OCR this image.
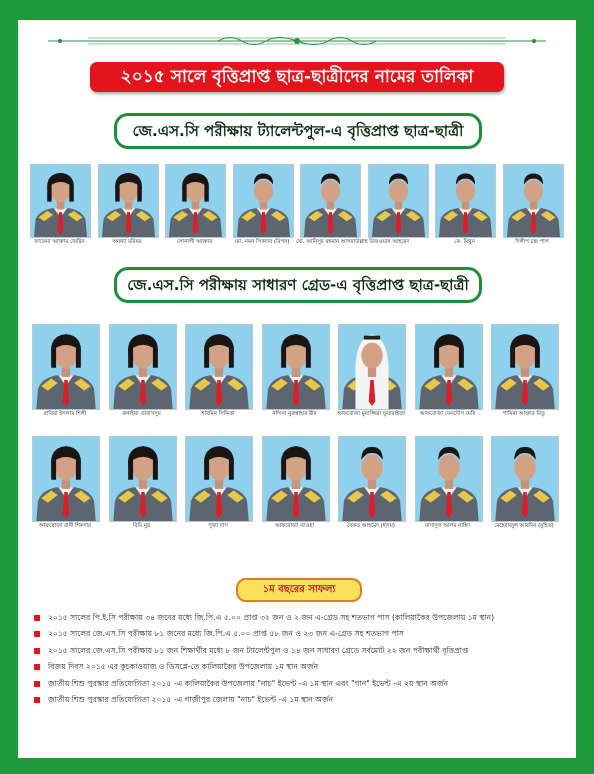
২০১৫ সালে বৃত্তিপ্রাপ্ত ছাত্র-ছাত্রীদের নামের তালিকা
জে.এস.সি পরীক্ষায় ট্যালেন্টপুল-এ বৃত্তিপ্রাপ্ত ছাত্র-ছাত্রী
ফাতেমা আক্তার জেরিন	অনন্যা মরিয়ম	সোনালী আক্তার	মো. নয়ন সিকদার (রিপন)	মো. আনিসুর রহমান আসমাউল্লাহ রিজওয়ান আহমেদ	কে. মিথুন	দিলীপ চন্দ্র পাল
জে.এস.সি পরীক্ষায় সাধারণ গ্রেড-এ বৃত্তিপ্রাপ্ত ছাত্র-ছাত্রী
রাবিয়া ইসলাম শিলী	রুনাইয়া তাবাসসুম	শারমিন সিদ্দিকা	নন্দিনা নুরুন্নাহার রীম	আফরোজা মুনাজ্জিরা ফুয়ারাইজা	আফরোজা ফেরদৌস মেরি	শামিমা আক্তার রিতু
আফরোজা রানী শিকদার	রিমি নুর	পুজা দাস	আফরোজা তাওহা	বৈকত আহমেদ (হৃদয়)	রাসাদুল আলম নাহিদ	মেহেরাজুল আবদিন (মুহিত)
১ম বছরের সাফল্য
২০১৫ সালের পি.ই.সি পরীক্ষায় ৩৪ জনের মধ্যে জি.পি.এ ৫.০০ প্রাপ্ত ৩২ জন ও ২ জন এ-গ্রেড সহ শতভাগ পাস (কালিয়াকৈর উপজেলায় ১ম স্থান)
২০১৫ সালের জে.এস.সি পরীক্ষায় ৮১ জনের মধ্যে জি.পি.এ ৫.০০ প্রাপ্ত ৫৮ জন ও ২৩ জন এ-গ্রেড সহ শতভাগ পাস
২০১৫ সালের জে.এস.সি পরীক্ষায় ৮১ জন শিক্ষার্থীর মধ্যে ৮ জন ট্যালেন্টপুল ও ১৪ জন সাধারণ গ্রেডে সর্বমোট ২২ জন পরীক্ষার্থী বৃত্তিপ্রাপ্ত
বিজয় দিবস ২০১৫ এর কুচকাওয়াজ ও ডিসপ্লে-তে কালিয়াকৈর উপজেলায় ১ম স্থান অর্জন
জাতীয় শিশু পুরস্কার প্রতিযোগিতা ২০১৫ -এ কালিয়াকৈর উপজেলায় "নাচ" ইভেন্ট -এ ১ম স্থান এবং "গান" ইভেন্ট -এ ২য় স্থান অর্জন
জাতীয় শিশু পুরস্কার প্রতিযোগিতা ২০১৫ -এ গাজীপুর জেলায় "নাচ" ইভেন্ট -এ ১ম স্থান অর্জন
